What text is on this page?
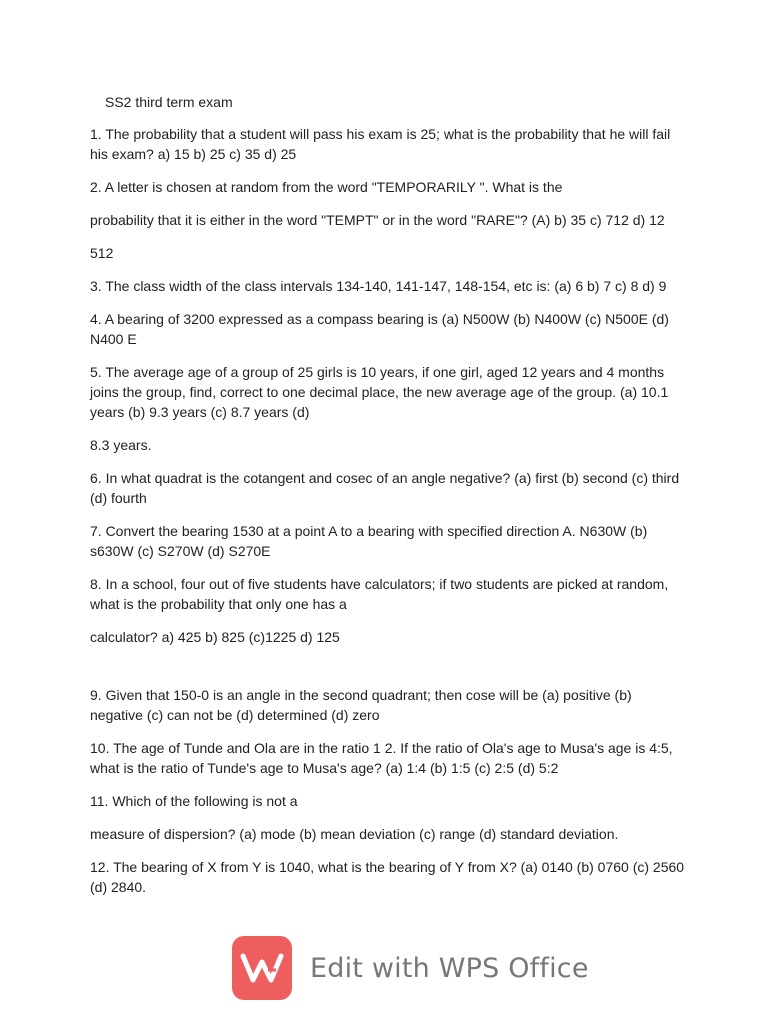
SS2 third term exam

1. The probability that a student will pass his exam is 25; what is the probability that he will fail his exam? a) 15 b) 25 c) 35 d) 25

2. A letter is chosen at random from the word "TEMPORARILY ". What is the

probability that it is either in the word "TEMPT" or in the word "RARE"? (A) b) 35 c) 712 d) 12

512

3. The class width of the class intervals 134-140, 141-147, 148-154, etc is: (a) 6 b) 7 c) 8 d) 9

4. A bearing of 3200 expressed as a compass bearing is (a) N500W (b) N400W (c) N500E (d) N400 E

5. The average age of a group of 25 girls is 10 years, if one girl, aged 12 years and 4 months joins the group, find, correct to one decimal place, the new average age of the group. (a) 10.1 years (b) 9.3 years (c) 8.7 years (d)

8.3 years.

6. In what quadrat is the cotangent and cosec of an angle negative? (a) first (b) second (c) third (d) fourth

7. Convert the bearing 1530 at a point A to a bearing with specified direction A. N630W (b) s630W (c) S270W (d) S270E

8. In a school, four out of five students have calculators; if two students are picked at random, what is the probability that only one has a

calculator? a) 425 b) 825 (c)1225 d) 125

9. Given that 150-0 is an angle in the second quadrant; then cose will be (a) positive (b) negative (c) can not be (d) determined (d) zero

10. The age of Tunde and Ola are in the ratio 1 2. If the ratio of Ola's age to Musa's age is 4:5, what is the ratio of Tunde's age to Musa's age? (a) 1:4 (b) 1:5 (c) 2:5 (d) 5:2

11. Which of the following is not a

measure of dispersion? (a) mode (b) mean deviation (c) range (d) standard deviation.

12. The bearing of X from Y is 1040, what is the bearing of Y from X? (a) 0140 (b) 0760 (c) 2560 (d) 2840.

Edit with WPS Office
